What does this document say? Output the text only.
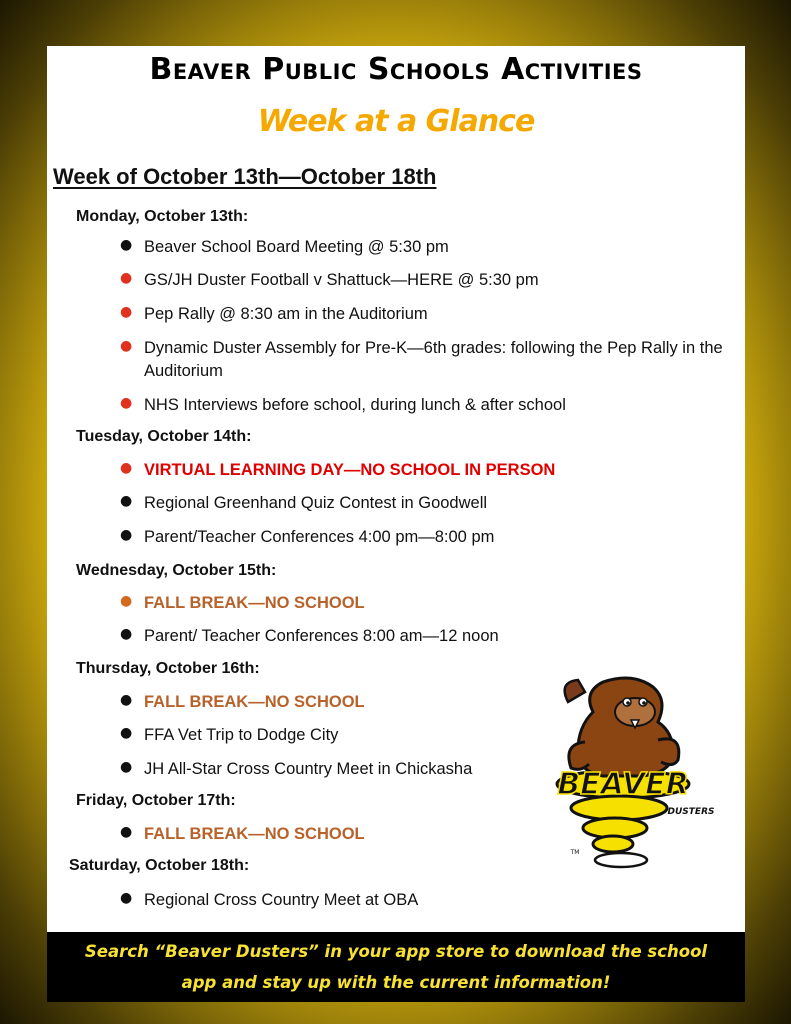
Beaver Public Schools Activities
Week at a Glance
Week of October 13th—October 18th
Monday, October 13th:
● Beaver School Board Meeting @ 5:30 pm
● GS/JH Duster Football v Shattuck—HERE @ 5:30 pm
● Pep Rally @ 8:30 am in the Auditorium
● Dynamic Duster Assembly for Pre-K—6th grades: following the Pep Rally in the Auditorium
● NHS Interviews before school, during lunch & after school
Tuesday, October 14th:
● VIRTUAL LEARNING DAY—NO SCHOOL IN PERSON
● Regional Greenhand Quiz Contest in Goodwell
● Parent/Teacher Conferences 4:00 pm—8:00 pm
Wednesday, October 15th:
● FALL BREAK—NO SCHOOL
● Parent/ Teacher Conferences 8:00 am—12 noon
Thursday, October 16th:
● FALL BREAK—NO SCHOOL
● FFA Vet Trip to Dodge City
● JH All-Star Cross Country Meet in Chickasha
Friday, October 17th:
● FALL BREAK—NO SCHOOL
Saturday, October 18th:
● Regional Cross Country Meet at OBA
BEAVER
DUSTERS
TM
Search “Beaver Dusters” in your app store to download the school
app and stay up with the current information!
